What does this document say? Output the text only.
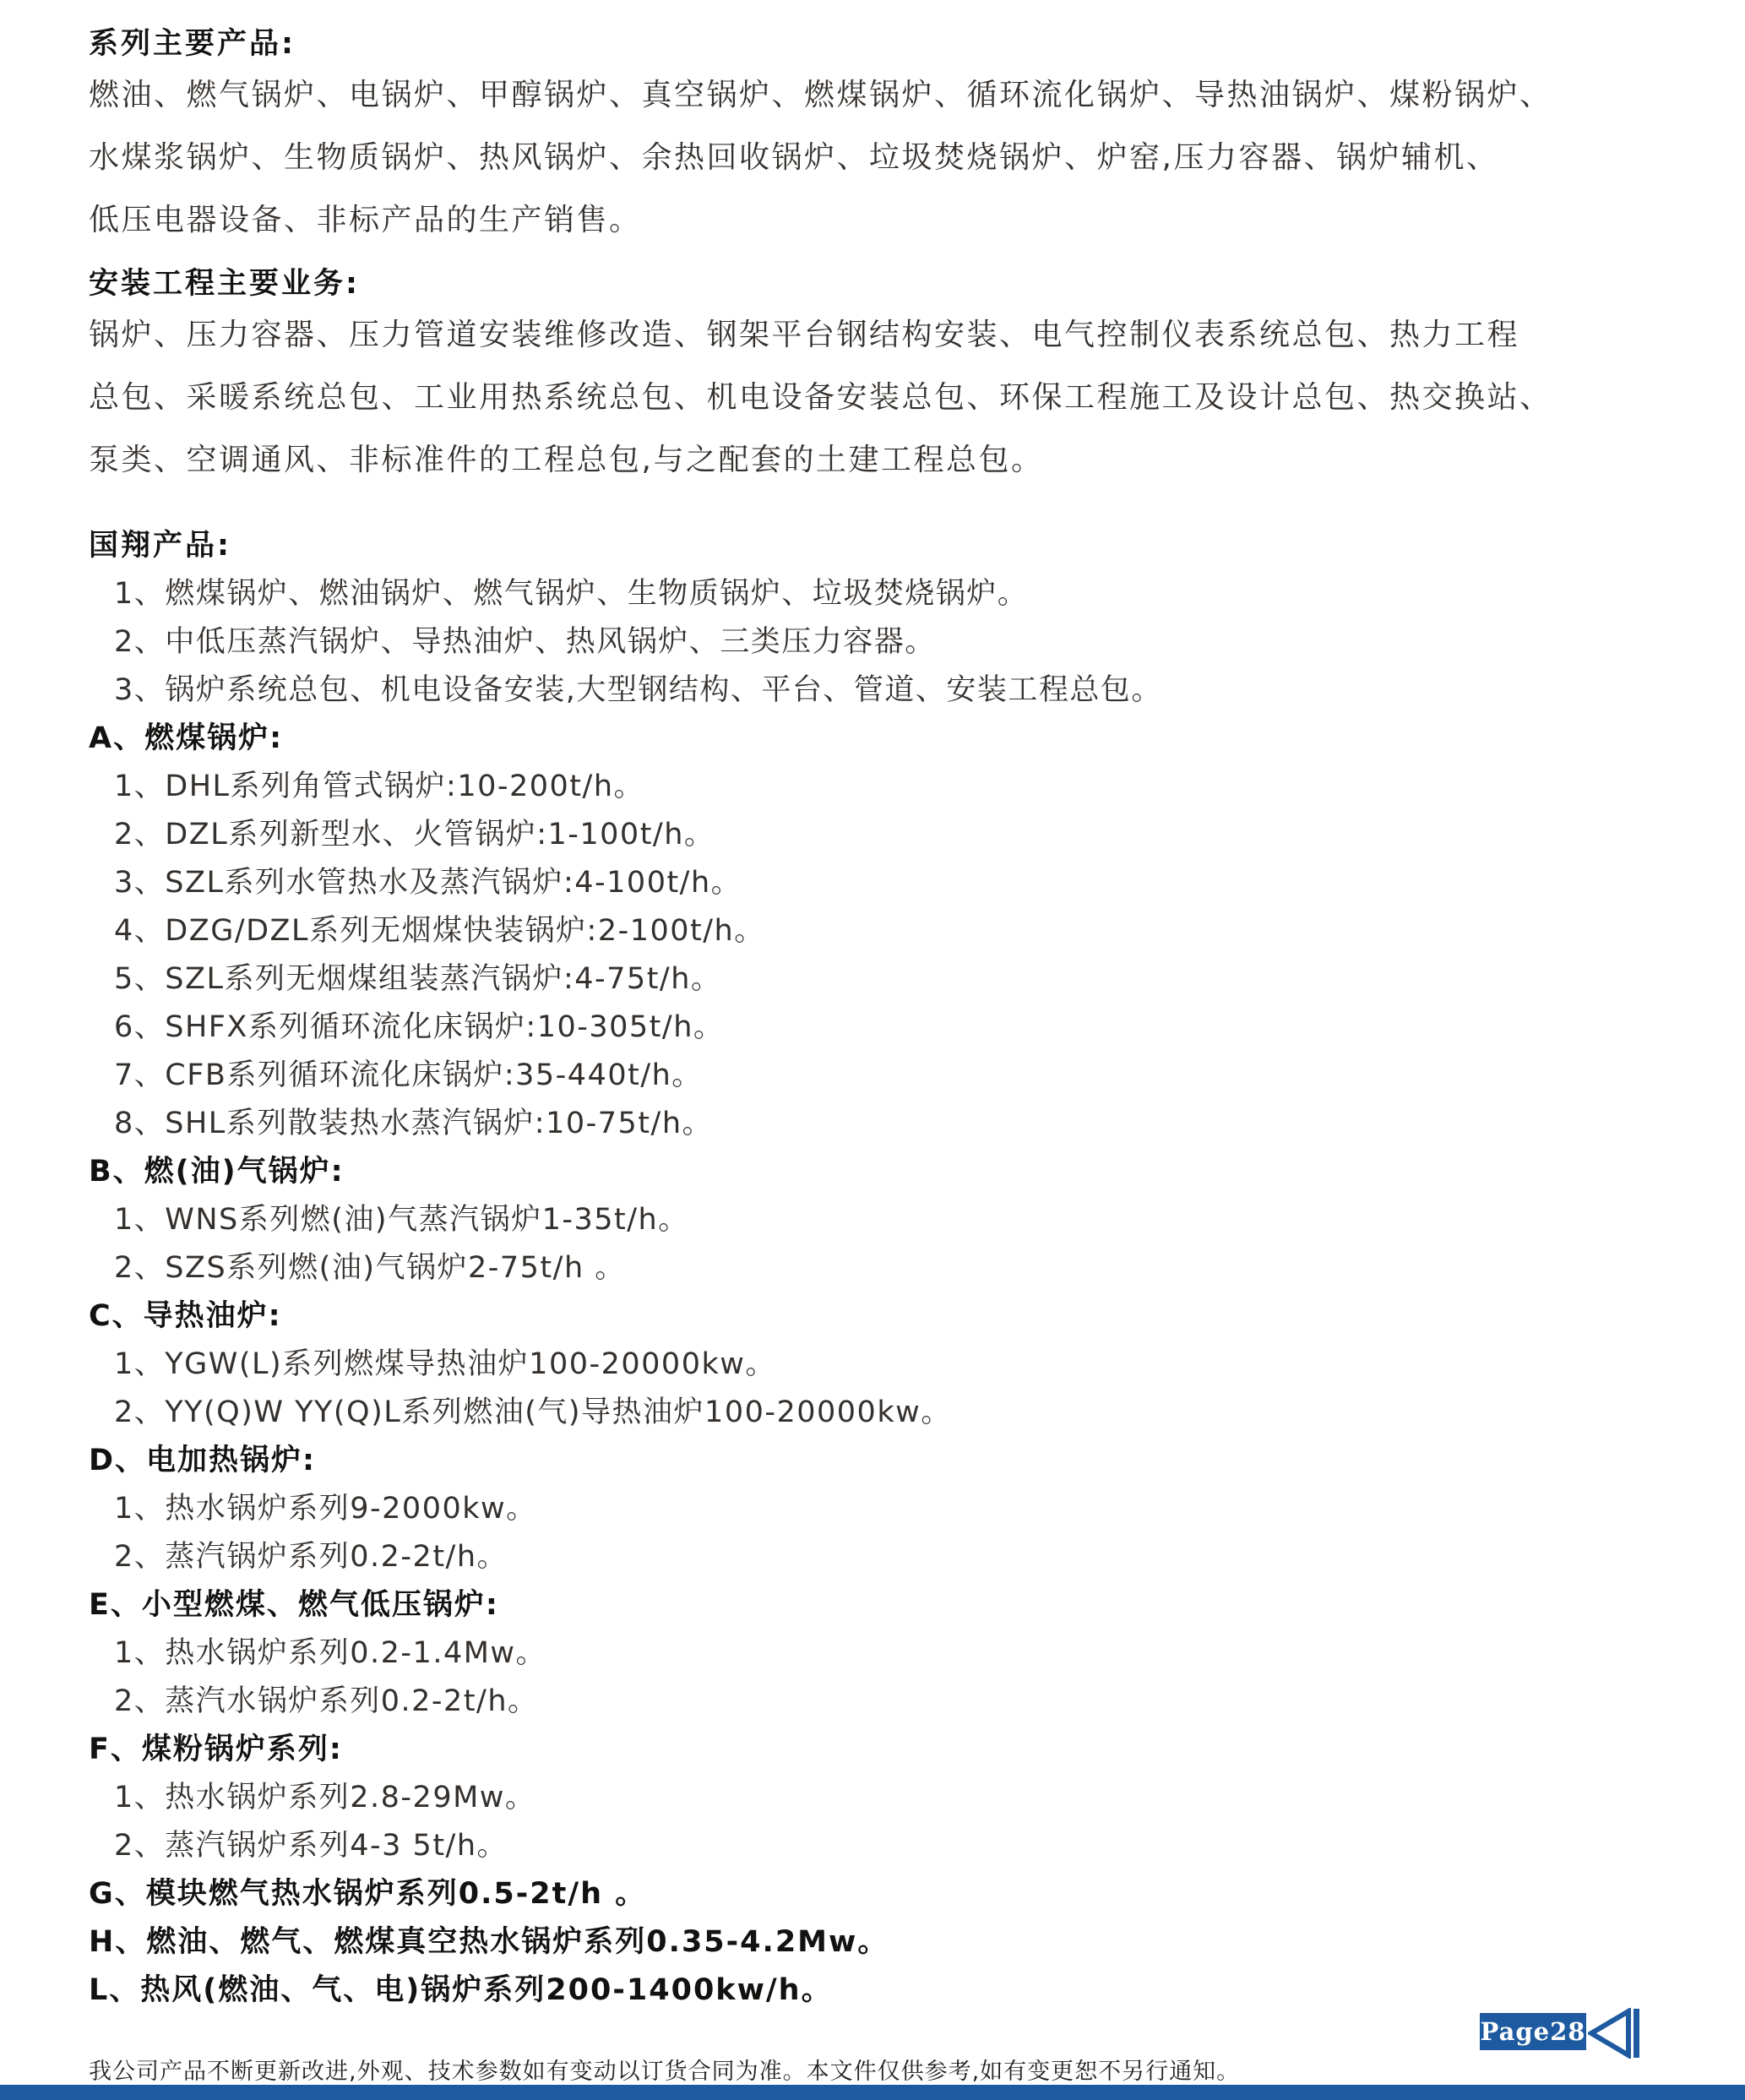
系列主要产品:
燃油、燃气锅炉、电锅炉、甲醇锅炉、真空锅炉、燃煤锅炉、循环流化锅炉、导热油锅炉、煤粉锅炉、
水煤浆锅炉、生物质锅炉、热风锅炉、余热回收锅炉、垃圾焚烧锅炉、炉窑,压力容器、锅炉辅机、
低压电器设备、非标产品的生产销售。
安装工程主要业务:
锅炉、压力容器、压力管道安装维修改造、钢架平台钢结构安装、电气控制仪表系统总包、热力工程
总包、采暖系统总包、工业用热系统总包、机电设备安装总包、环保工程施工及设计总包、热交换站、
泵类、空调通风、非标准件的工程总包,与之配套的土建工程总包。
国翔产品:
1、燃煤锅炉、燃油锅炉、燃气锅炉、生物质锅炉、垃圾焚烧锅炉。
2、中低压蒸汽锅炉、导热油炉、热风锅炉、三类压力容器。
3、锅炉系统总包、机电设备安装,大型钢结构、平台、管道、安装工程总包。
A、燃煤锅炉:
1、DHL系列角管式锅炉:10-200t/h。
2、DZL系列新型水、火管锅炉:1-100t/h。
3、SZL系列水管热水及蒸汽锅炉:4-100t/h。
4、DZG/DZL系列无烟煤快装锅炉:2-100t/h。
5、SZL系列无烟煤组装蒸汽锅炉:4-75t/h。
6、SHFX系列循环流化床锅炉:10-305t/h。
7、CFB系列循环流化床锅炉:35-440t/h。
8、SHL系列散装热水蒸汽锅炉:10-75t/h。
B、燃(油)气锅炉:
1、WNS系列燃(油)气蒸汽锅炉1-35t/h。
2、SZS系列燃(油)气锅炉2-75t/h 。
C、导热油炉:
1、YGW(L)系列燃煤导热油炉100-20000kw。
2、YY(Q)W YY(Q)L系列燃油(气)导热油炉100-20000kw。
D、电加热锅炉:
1、热水锅炉系列9-2000kw。
2、蒸汽锅炉系列0.2-2t/h。
E、小型燃煤、燃气低压锅炉:
1、热水锅炉系列0.2-1.4Mw。
2、蒸汽水锅炉系列0.2-2t/h。
F、煤粉锅炉系列:
1、热水锅炉系列2.8-29Mw。
2、蒸汽锅炉系列4-3 5t/h。
G、模块燃气热水锅炉系列0.5-2t/h 。
H、燃油、燃气、燃煤真空热水锅炉系列0.35-4.2Mw。
L、热风(燃油、气、电)锅炉系列200-1400kw/h。
我公司产品不断更新改进,外观、技术参数如有变动以订货合同为准。本文件仅供参考,如有变更恕不另行通知。
Page28
